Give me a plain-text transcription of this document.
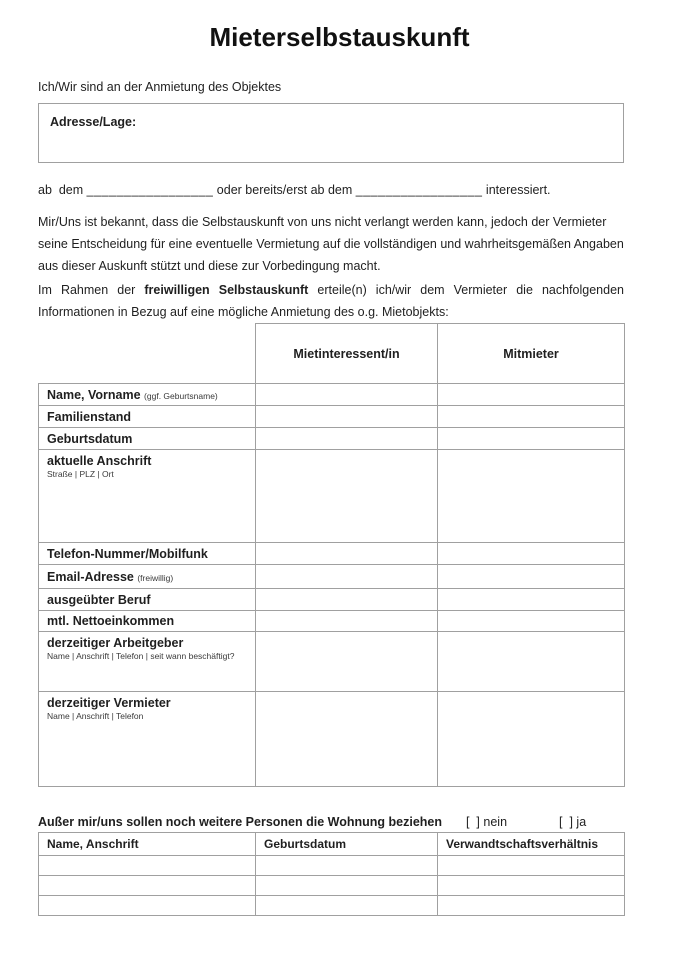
Mieterselbstauskunft
Ich/Wir sind an der Anmietung des Objektes
Adresse/Lage:
ab  dem _________________ oder bereits/erst ab dem _________________ interessiert.

Mir/Uns ist bekannt, dass die Selbstauskunft von uns nicht verlangt werden kann, jedoch der Vermieter seine Entscheidung für eine eventuelle Vermietung auf die vollständigen und wahrheitsgemäßen Angaben aus dieser Auskunft stützt und diese zur Vorbedingung macht.

Im Rahmen der freiwilligen Selbstauskunft erteile(n) ich/wir dem Vermieter die nachfolgenden Informationen in Bezug auf eine mögliche Anmietung des o.g. Mietobjekts:

	Mietinteressent/in	Mitmieter
Name, Vorname (ggf. Geburtsname)		
Familienstand		
Geburtsdatum		
aktuelle Anschrift
Straße | PLZ | Ort		

Telefon-Nummer/Mobilfunk		
Email-Adresse (freiwillig)		
ausgeübter Beruf		
mtl. Nettoeinkommen		
derzeitiger Arbeitgeber
Name | Anschrift | Telefon | seit wann beschäftigt?		

derzeitiger Vermieter
Name | Anschrift | Telefon		

Außer mir/uns sollen noch weitere Personen die Wohnung beziehen [  ] nein	[  ] ja
Name, Anschrift	Geburtsdatum	Verwandtschaftsverhältnis
